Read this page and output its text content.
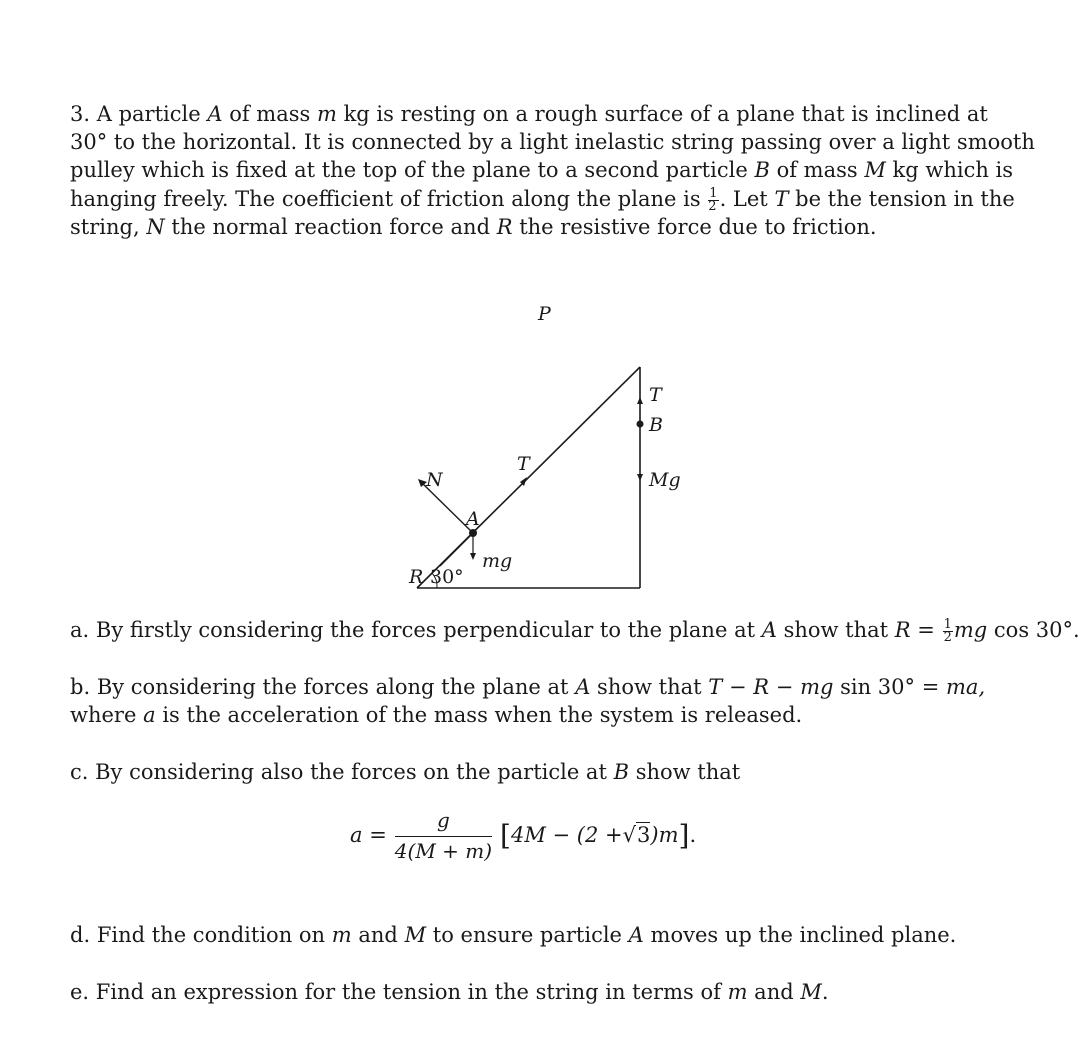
3. A particle A of mass m kg is resting on a rough surface of a plane that is inclined at
30° to the horizontal. It is connected by a light inelastic string passing over a light smooth
pulley which is fixed at the top of the plane to a second particle B of mass M kg which is
hanging freely. The coefficient of friction along the plane is $\frac{1}{2}$ . Let T be the tension in the
string, N the normal reaction force and R the resistive force due to friction.
P
T
B
Mg
N
T
A
mg
R 30°
a. By firstly considering the forces perpendicular to the plane at A show that $R = \frac{1}{2}$ mg cos 30°.
b. By considering the forces along the plane at A show that T − R − mg sin 30° = ma,
where a is the acceleration of the mass when the system is released.
c. By considering also the forces on the particle at B show that
$a = \frac{g}{4(M + m)}$ [ 4M − (2 + √3 )m ] .
d. Find the condition on m and M to ensure particle A moves up the inclined plane.
e. Find an expression for the tension in the string in terms of m and M.
